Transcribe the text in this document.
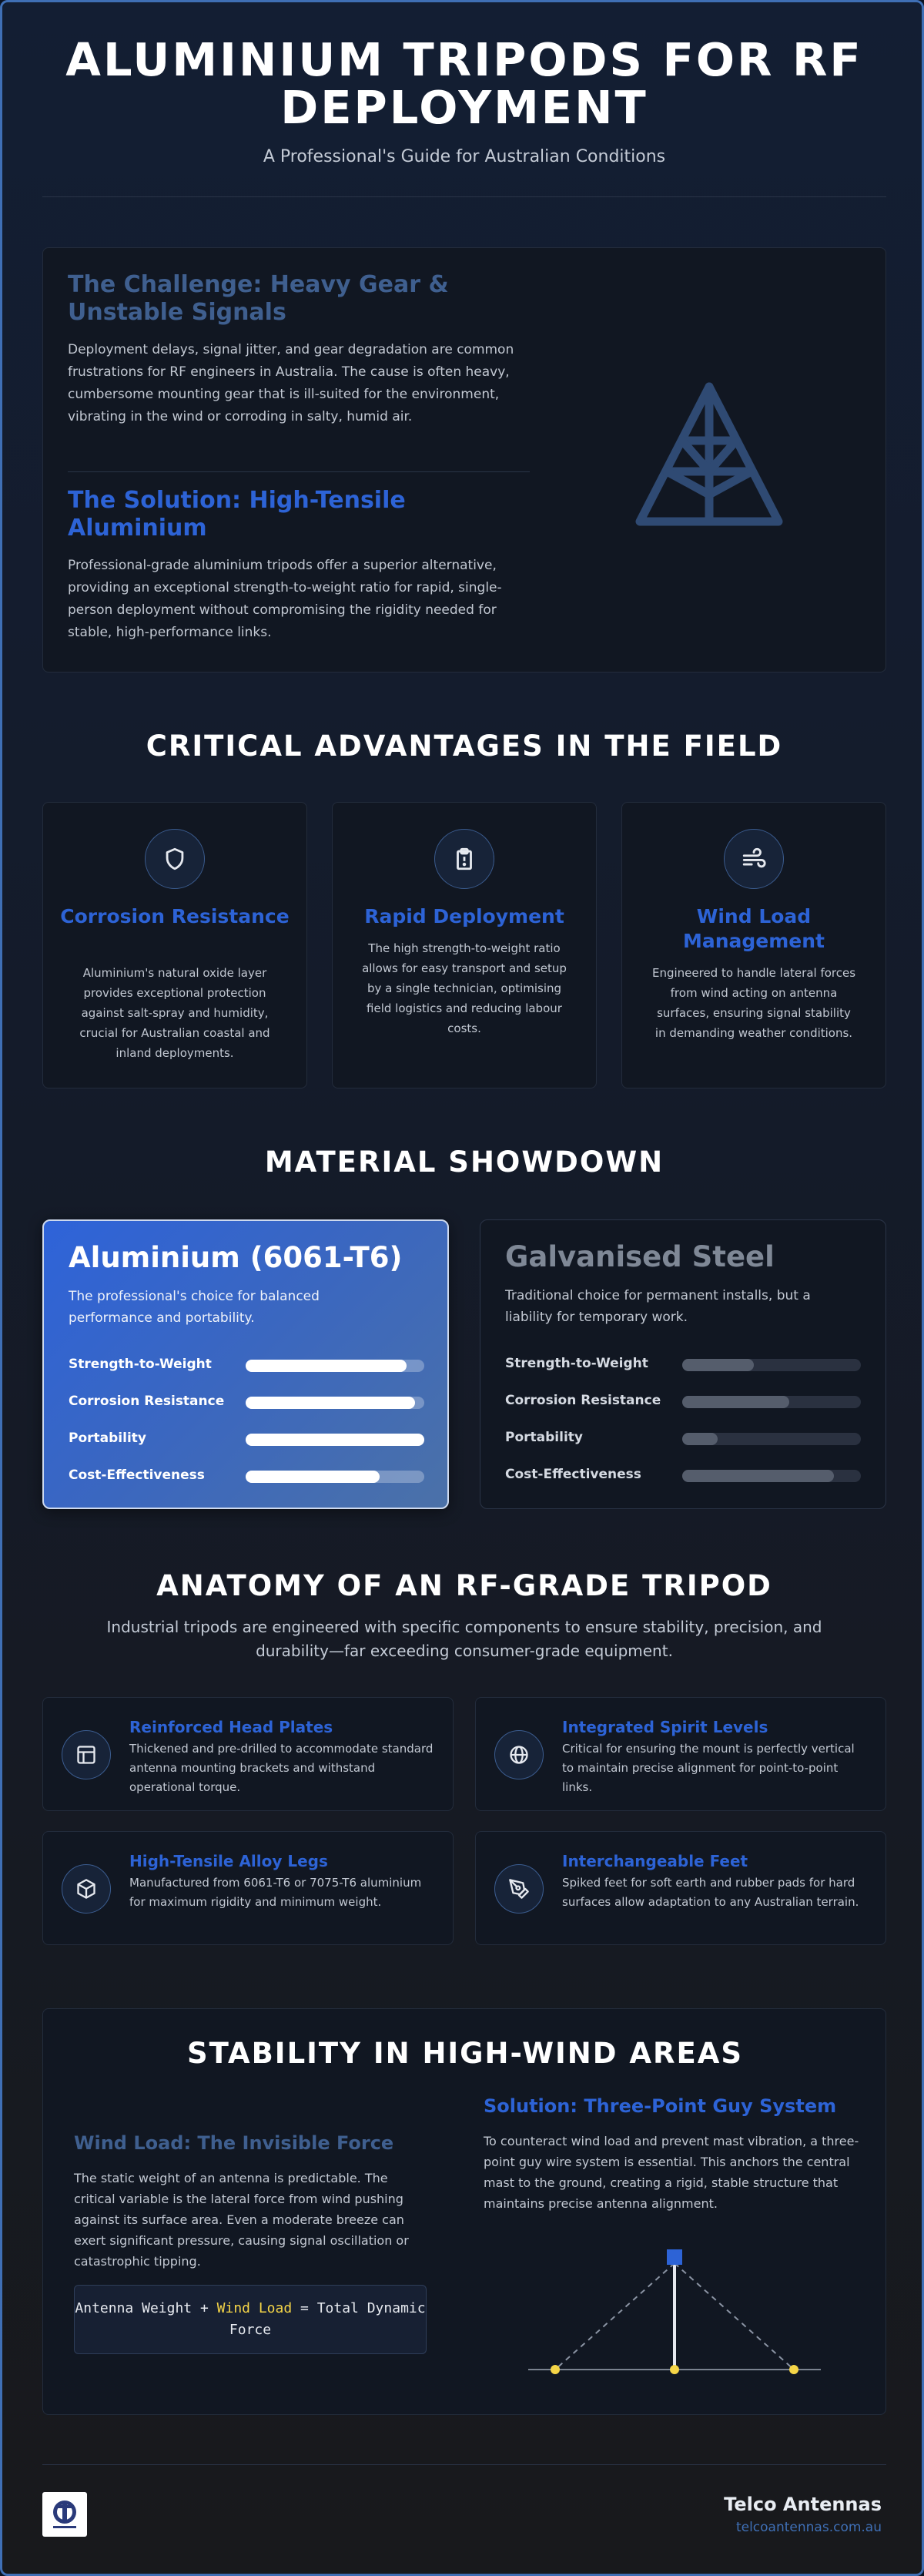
ALUMINIUM TRIPODS FOR RF DEPLOYMENT
A Professional's Guide for Australian Conditions
The Challenge: Heavy Gear & Unstable Signals
Deployment delays, signal jitter, and gear degradation are common frustrations for RF engineers in Australia. The cause is often heavy, cumbersome mounting gear that is ill-suited for the environment, vibrating in the wind or corroding in salty, humid air.
The Solution: High-Tensile Aluminium
Professional-grade aluminium tripods offer a superior alternative, providing an exceptional strength-to-weight ratio for rapid, single-person deployment without compromising the rigidity needed for stable, high-performance links.
CRITICAL ADVANTAGES IN THE FIELD
Corrosion Resistance
Aluminium's natural oxide layer provides exceptional protection against salt-spray and humidity, crucial for Australian coastal and inland deployments.
Rapid Deployment
The high strength-to-weight ratio allows for easy transport and setup by a single technician, optimising field logistics and reducing labour costs.
Wind Load Management
Engineered to handle lateral forces from wind acting on antenna surfaces, ensuring signal stability in demanding weather conditions.
MATERIAL SHOWDOWN
Aluminium (6061-T6)
The professional's choice for balanced performance and portability.
Strength-to-Weight
Corrosion Resistance
Portability
Cost-Effectiveness
Galvanised Steel
Traditional choice for permanent installs, but a liability for temporary work.
Strength-to-Weight
Corrosion Resistance
Portability
Cost-Effectiveness
ANATOMY OF AN RF-GRADE TRIPOD
Industrial tripods are engineered with specific components to ensure stability, precision, and durability—far exceeding consumer-grade equipment.
Reinforced Head Plates
Thickened and pre-drilled to accommodate standard antenna mounting brackets and withstand operational torque.
Integrated Spirit Levels
Critical for ensuring the mount is perfectly vertical to maintain precise alignment for point-to-point links.
High-Tensile Alloy Legs
Manufactured from 6061-T6 or 7075-T6 aluminium for maximum rigidity and minimum weight.
Interchangeable Feet
Spiked feet for soft earth and rubber pads for hard surfaces allow adaptation to any Australian terrain.
STABILITY IN HIGH-WIND AREAS
Wind Load: The Invisible Force
The static weight of an antenna is predictable. The critical variable is the lateral force from wind pushing against its surface area. Even a moderate breeze can exert significant pressure, causing signal oscillation or catastrophic tipping.
Antenna Weight + Wind Load = Total Dynamic Force
Solution: Three-Point Guy System
To counteract wind load and prevent mast vibration, a three-point guy wire system is essential. This anchors the central mast to the ground, creating a rigid, stable structure that maintains precise antenna alignment.
Telco Antennas
telcoantennas.com.au
